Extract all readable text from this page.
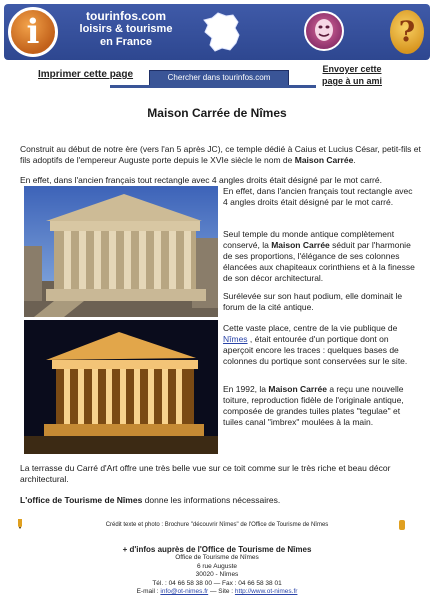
i	tourinfos.com
loisirs & tourisme
en France	?
Imprimer cette page	Chercher dans tourinfos.com
Envoyer cette
page à un ami
Maison Carrée de Nîmes
Construit au début de notre ère (vers l'an 5 après JC), ce temple dédié à Caius et Lucius César, petit-fils et fils adoptifs de l'empereur Auguste porte depuis le XVIe siècle le nom de Maison Carrée.
En effet, dans l'ancien français tout rectangle avec 4 angles droits était désigné par le mot carré.
En effet, dans l'ancien français tout rectangle avec 4 angles droits était désigné par le mot carré.
Seul temple du monde antique complètement conservé, la Maison Carrée séduit par l'harmonie de ses proportions, l'élégance de ses colonnes élancées aux chapiteaux corinthiens et à la finesse de son décor architectural.
Surélevée sur son haut podium, elle dominait le forum de la cité antique.
Cette vaste place, centre de la vie publique de Nîmes , était entourée d'un portique dont on aperçoit encore les traces : quelques bases de colonnes du portique sont conservées sur le site.
En 1992, la Maison Carrée a reçu une nouvelle toiture, reproduction fidèle de l'originale antique, composée de grandes tuiles plates "tegulae" et tuiles canal "imbrex" moulées à la main.
La terrasse du Carré d'Art offre une très belle vue sur ce toit comme sur le très riche et beau décor architectural.
L'office de Tourisme de Nîmes donne les informations nécessaires.
Crédit texte et photo : Brochure "découvrir Nîmes" de l'Office de Tourisme de Nîmes
+ d'infos auprès de l'Office de Tourisme de Nîmes
Office de Tourisme de Nîmes
6 rue Auguste
30020 - Nîmes
Tél. : 04 66 58 38 00 — Fax : 04 66 58 38 01
E-mail : info@ot-nimes.fr — Site : http://www.ot-nimes.fr
